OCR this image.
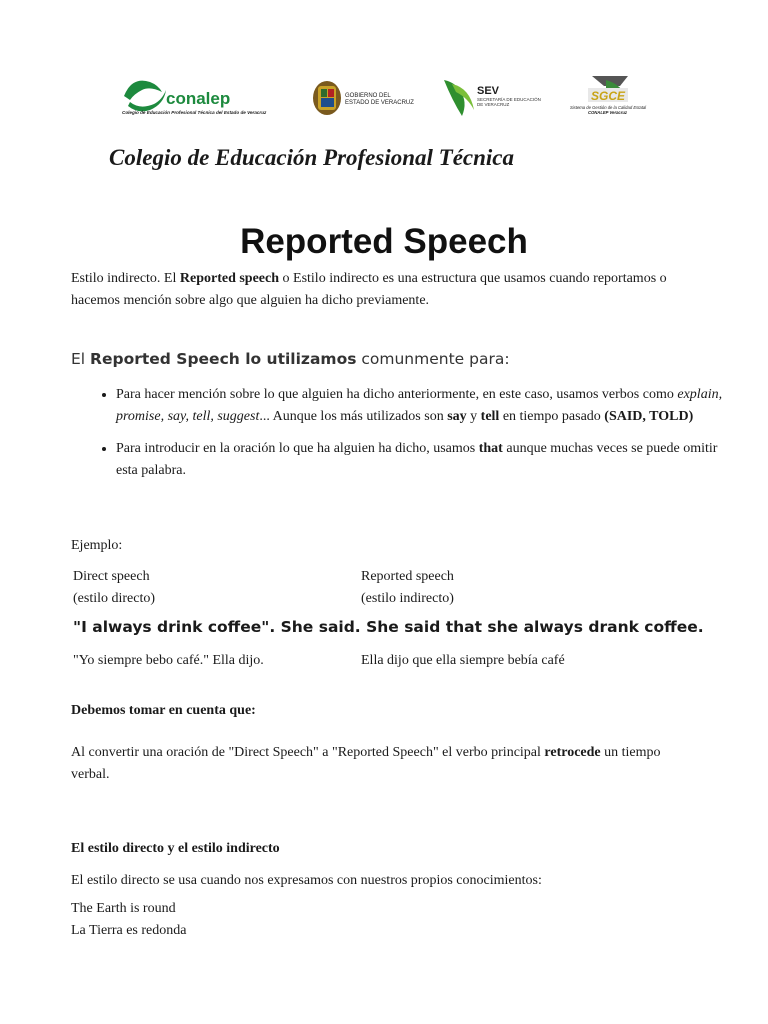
conalep
Colegio de Educación Profesional Técnica del Estado de Veracruz
GOBIERNO DEL
ESTADO DE VERACRUZ
SEV
SECRETARÍA DE EDUCACIÓN
DE VERACRUZ
SGCE
Sistema de Gestión de la Calidad Estatal
CONALEP Veracruz
Colegio de Educación Profesional Técnica
Reported Speech
Estilo indirecto. El Reported speech o Estilo indirecto es una estructura que usamos cuando reportamos o hacemos mención sobre algo que alguien ha dicho previamente.
El Reported Speech lo utilizamos comunmente para:
• Para hacer mención sobre lo que alguien ha dicho anteriormente, en este caso, usamos verbos como explain, promise, say, tell, suggest... Aunque los más utilizados son say y tell en tiempo pasado (SAID, TOLD)
• Para introducir en la oración lo que ha alguien ha dicho, usamos that aunque muchas veces se puede omitir esta palabra.
Ejemplo:
Direct speech
(estilo directo)
Reported speech
(estilo indirecto)
"I always drink coffee". She said. She said that she always drank coffee.
"Yo siempre bebo café." Ella dijo.	Ella dijo que ella siempre bebía café
Debemos tomar en cuenta que:
Al convertir una oración de "Direct Speech" a "Reported Speech" el verbo principal retrocede un tiempo verbal.
El estilo directo y el estilo indirecto
El estilo directo se usa cuando nos expresamos con nuestros propios conocimientos:
The Earth is round
La Tierra es redonda
